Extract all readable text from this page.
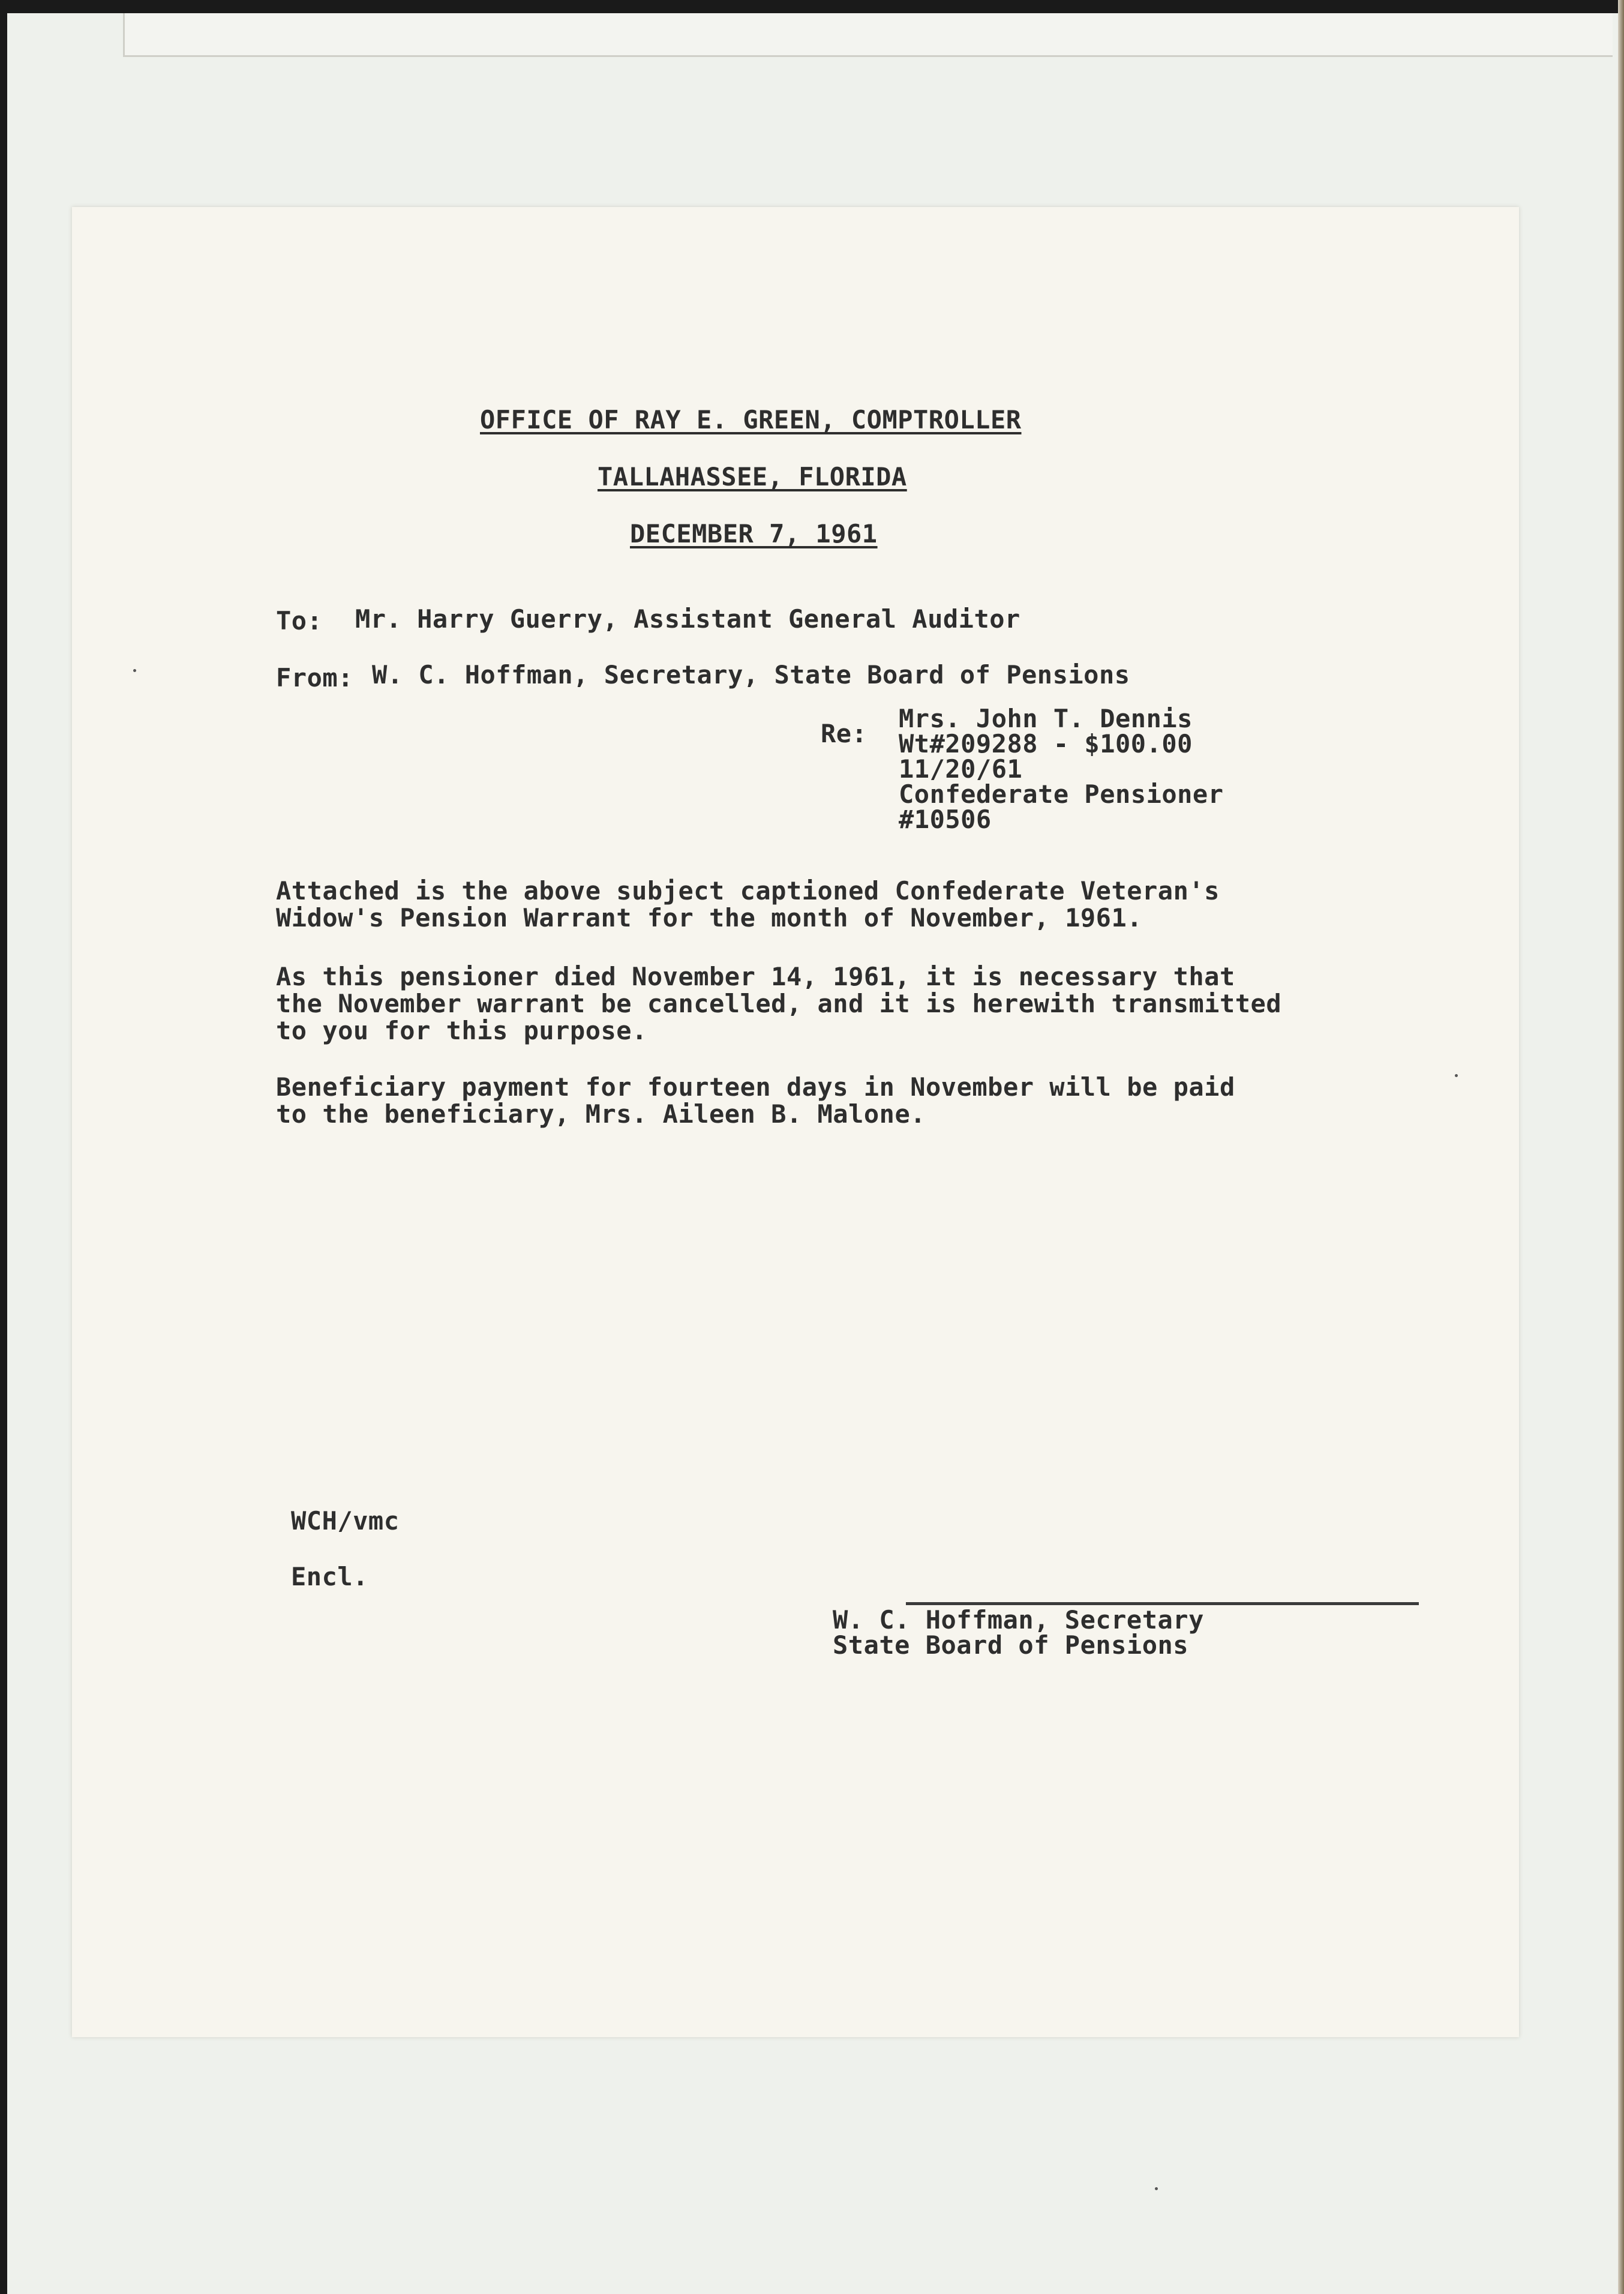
OFFICE OF RAY E. GREEN, COMPTROLLER
TALLAHASSEE, FLORIDA
DECEMBER 7, 1961
To: Mr. Harry Guerry, Assistant General Auditor
From: W. C. Hoffman, Secretary, State Board of Pensions
Re:
Mrs. John T. Dennis
Wt#209288 - $100.00
11/20/61
Confederate Pensioner
#10506
Attached is the above subject captioned Confederate Veteran's
Widow's Pension Warrant for the month of November, 1961.
As this pensioner died November 14, 1961, it is necessary that
the November warrant be cancelled, and it is herewith transmitted
to you for this purpose.
Beneficiary payment for fourteen days in November will be paid
to the beneficiary, Mrs. Aileen B. Malone.
W. C. Hoffman, Secretary
State Board of Pensions
WCH/vmc
Encl.
